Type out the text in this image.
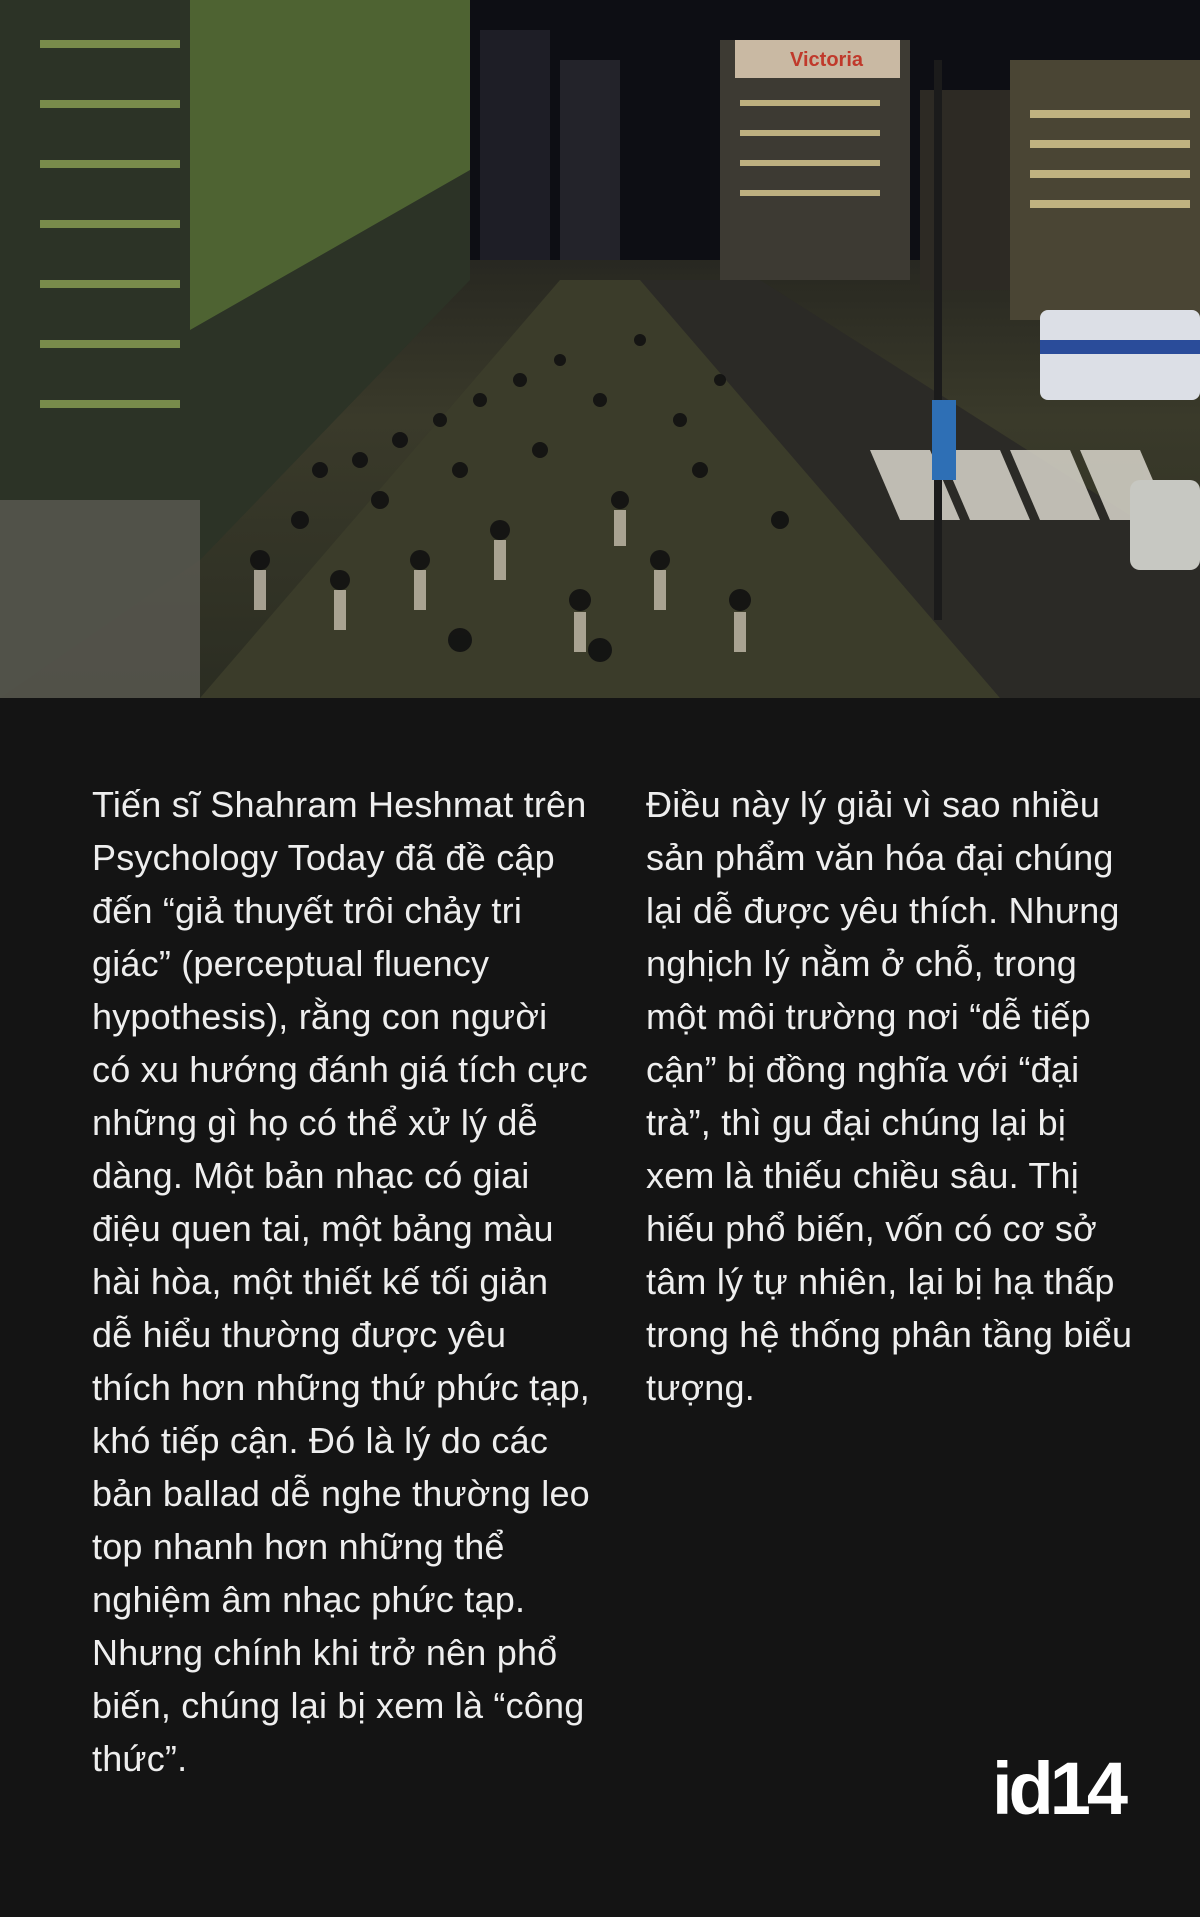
Victoria

Tiến sĩ Shahram Heshmat trên Psychology Today đã đề cập đến “giả thuyết trôi chảy tri giác” (perceptual fluency hypothesis), rằng con người có xu hướng đánh giá tích cực những gì họ có thể xử lý dễ dàng. Một bản nhạc có giai điệu quen tai, một bảng màu hài hòa, một thiết kế tối giản dễ hiểu thường được yêu thích hơn những thứ phức tạp, khó tiếp cận. Đó là lý do các bản ballad dễ nghe thường leo top nhanh hơn những thể nghiệm âm nhạc phức tạp. Nhưng chính khi trở nên phổ biến, chúng lại bị xem là “công thức”.

Điều này lý giải vì sao nhiều sản phẩm văn hóa đại chúng lại dễ được yêu thích. Nhưng nghịch lý nằm ở chỗ, trong một môi trường nơi “dễ tiếp cận” bị đồng nghĩa với “đại trà”, thì gu đại chúng lại bị xem là thiếu chiều sâu. Thị hiếu phổ biến, vốn có cơ sở tâm lý tự nhiên, lại bị hạ thấp trong hệ thống phân tầng biểu tượng.

id14
